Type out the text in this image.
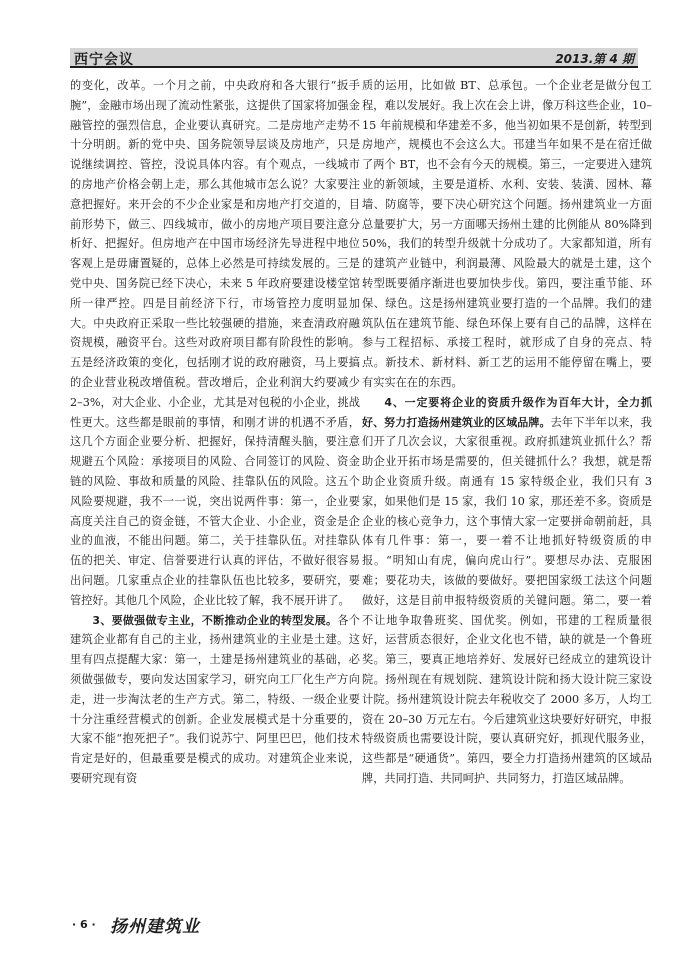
西宁会议	2013.第 4 期

的变化，改革。一个月之前，中央政府和各大银行“扳手腕”，金融市场出现了流动性紧张，这提供了国家将加强金融管控的强烈信息，企业要认真研究。二是房地产走势不十分明朗。新的党中央、国务院领导层谈及房地产，只是说继续调控、管控，没说具体内容。有个观点，一线城市的房地产价格会朝上走，那么其他城市怎么说？大家要注意把握好。来开会的不少企业家是和房地产打交道的，目前形势下，做三、四线城市，做小的房地产项目要注意分析好、把握好。但房地产在中国市场经济先导进程中地位客观上是毋庸置疑的，总体上必然是可持续发展的。三是党中央、国务院已经下决心，未来 5 年政府要建设楼堂馆所一律严控。四是目前经济下行，市场管控力度明显加大。中央政府正采取一些比较强硬的措施，来查清政府融资规模，融资平台。这些对政府项目都有阶段性的影响。五是经济政策的变化，包括刚才说的政府融资，马上要搞的企业营业税改增值税。营改增后，企业利润大约要减少 2–3%，对大企业、小企业，尤其是对包税的小企业，挑战性更大。这些都是眼前的事情，和刚才讲的机遇不矛盾，这几个方面企业要分析、把握好，保持清醒头脑，要注意规避五个风险：承接项目的风险、合同签订的风险、资金链的风险、事故和质量的风险、挂靠队伍的风险。这五个风险要规避，我不一一说，突出说两件事：第一，企业要高度关注自己的资金链，不管大企业、小企业，资金是企业的血液，不能出问题。第二，关于挂靠队伍。对挂靠队伍的把关、审定、信誉要进行认真的评估，不做好很容易出问题。几家重点企业的挂靠队伍也比较多，要研究，要管控好。其他几个风险，企业比较了解，我不展开讲了。

3、要做强做专主业，不断推动企业的转型发展。各个建筑企业都有自己的主业，扬州建筑业的主业是土建。这里有四点提醒大家：第一，土建是扬州建筑业的基础，必须做强做专，要向发达国家学习，研究向工厂化生产方向走，进一步淘汰老的生产方式。第二，特级、一级企业要十分注重经营模式的创新。企业发展模式是十分重要的，大家不能“抱死把子”。我们说苏宁、阿里巴巴，他们技术肯定是好的，但最重要是模式的成功。对建筑企业来说，要研究现有资

质的运用，比如做 BT、总承包。一个企业老是做分包工程，难以发展好。我上次在会上讲，像万科这些企业，10–15 年前规模和华建差不多，他当初如果不是创新，转型到房地产，规模也不会这么大。邗建当年如果不是在宿迁做了两个 BT，也不会有今天的规模。第三，一定要进入建筑业的新领域，主要是道桥、水利、安装、装潢、园林、幕墙、防腐等，要下决心研究这个问题。扬州建筑业一方面总量要扩大，另一方面哪天扬州土建的比例能从 80%降到 50%，我们的转型升级就十分成功了。大家都知道，所有的建筑产业链中，利润最薄、风险最大的就是土建，这个转型既要循序渐进也要加快步伐。第四，要注重节能、环保、绿色。这是扬州建筑业要打造的一个品牌。我们的建筑队伍在建筑节能、绿色环保上要有自己的品牌，这样在参与工程招标、承接工程时，就形成了自身的亮点、特点。新技术、新材料、新工艺的运用不能停留在嘴上，要有实实在在的东西。

4、一定要将企业的资质升级作为百年大计，全力抓好、努力打造扬州建筑业的区域品牌。去年下半年以来，我们开了几次会议，大家很重视。政府抓建筑业抓什么？帮助企业开拓市场是需要的，但关键抓什么？我想，就是帮助企业资质升级。南通有 15 家特级企业，我们只有 3 家，如果他们是 15 家，我们 10 家，那还差不多。资质是企业的核心竞争力，这个事情大家一定要拼命朝前赶，具体有几件事：第一，要一着不让地抓好特级资质的申报。“明知山有虎，偏向虎山行”。要想尽办法、克服困难；要花功夫，该做的要做好。要把国家级工法这个问题做好，这是目前申报特级资质的关键问题。第二，要一着不让地争取鲁班奖、国优奖。例如，邗建的工程质量很好，运营质态很好，企业文化也不错，缺的就是一个鲁班奖。第三，要真正地培养好、发展好已经成立的建筑设计院。扬州现在有规划院、建筑设计院和扬大设计院三家设计院。扬州建筑设计院去年税收交了 2000 多万，人均工资在 20–30 万元左右。今后建筑业这块要好好研究，申报特级资质也需要设计院，要认真研究好，抓现代服务业，这些都是“硬通货”。第四，要全力打造扬州建筑的区域品牌，共同打造、共同呵护、共同努力，打造区域品牌。

· 6 · 扬州建筑业
